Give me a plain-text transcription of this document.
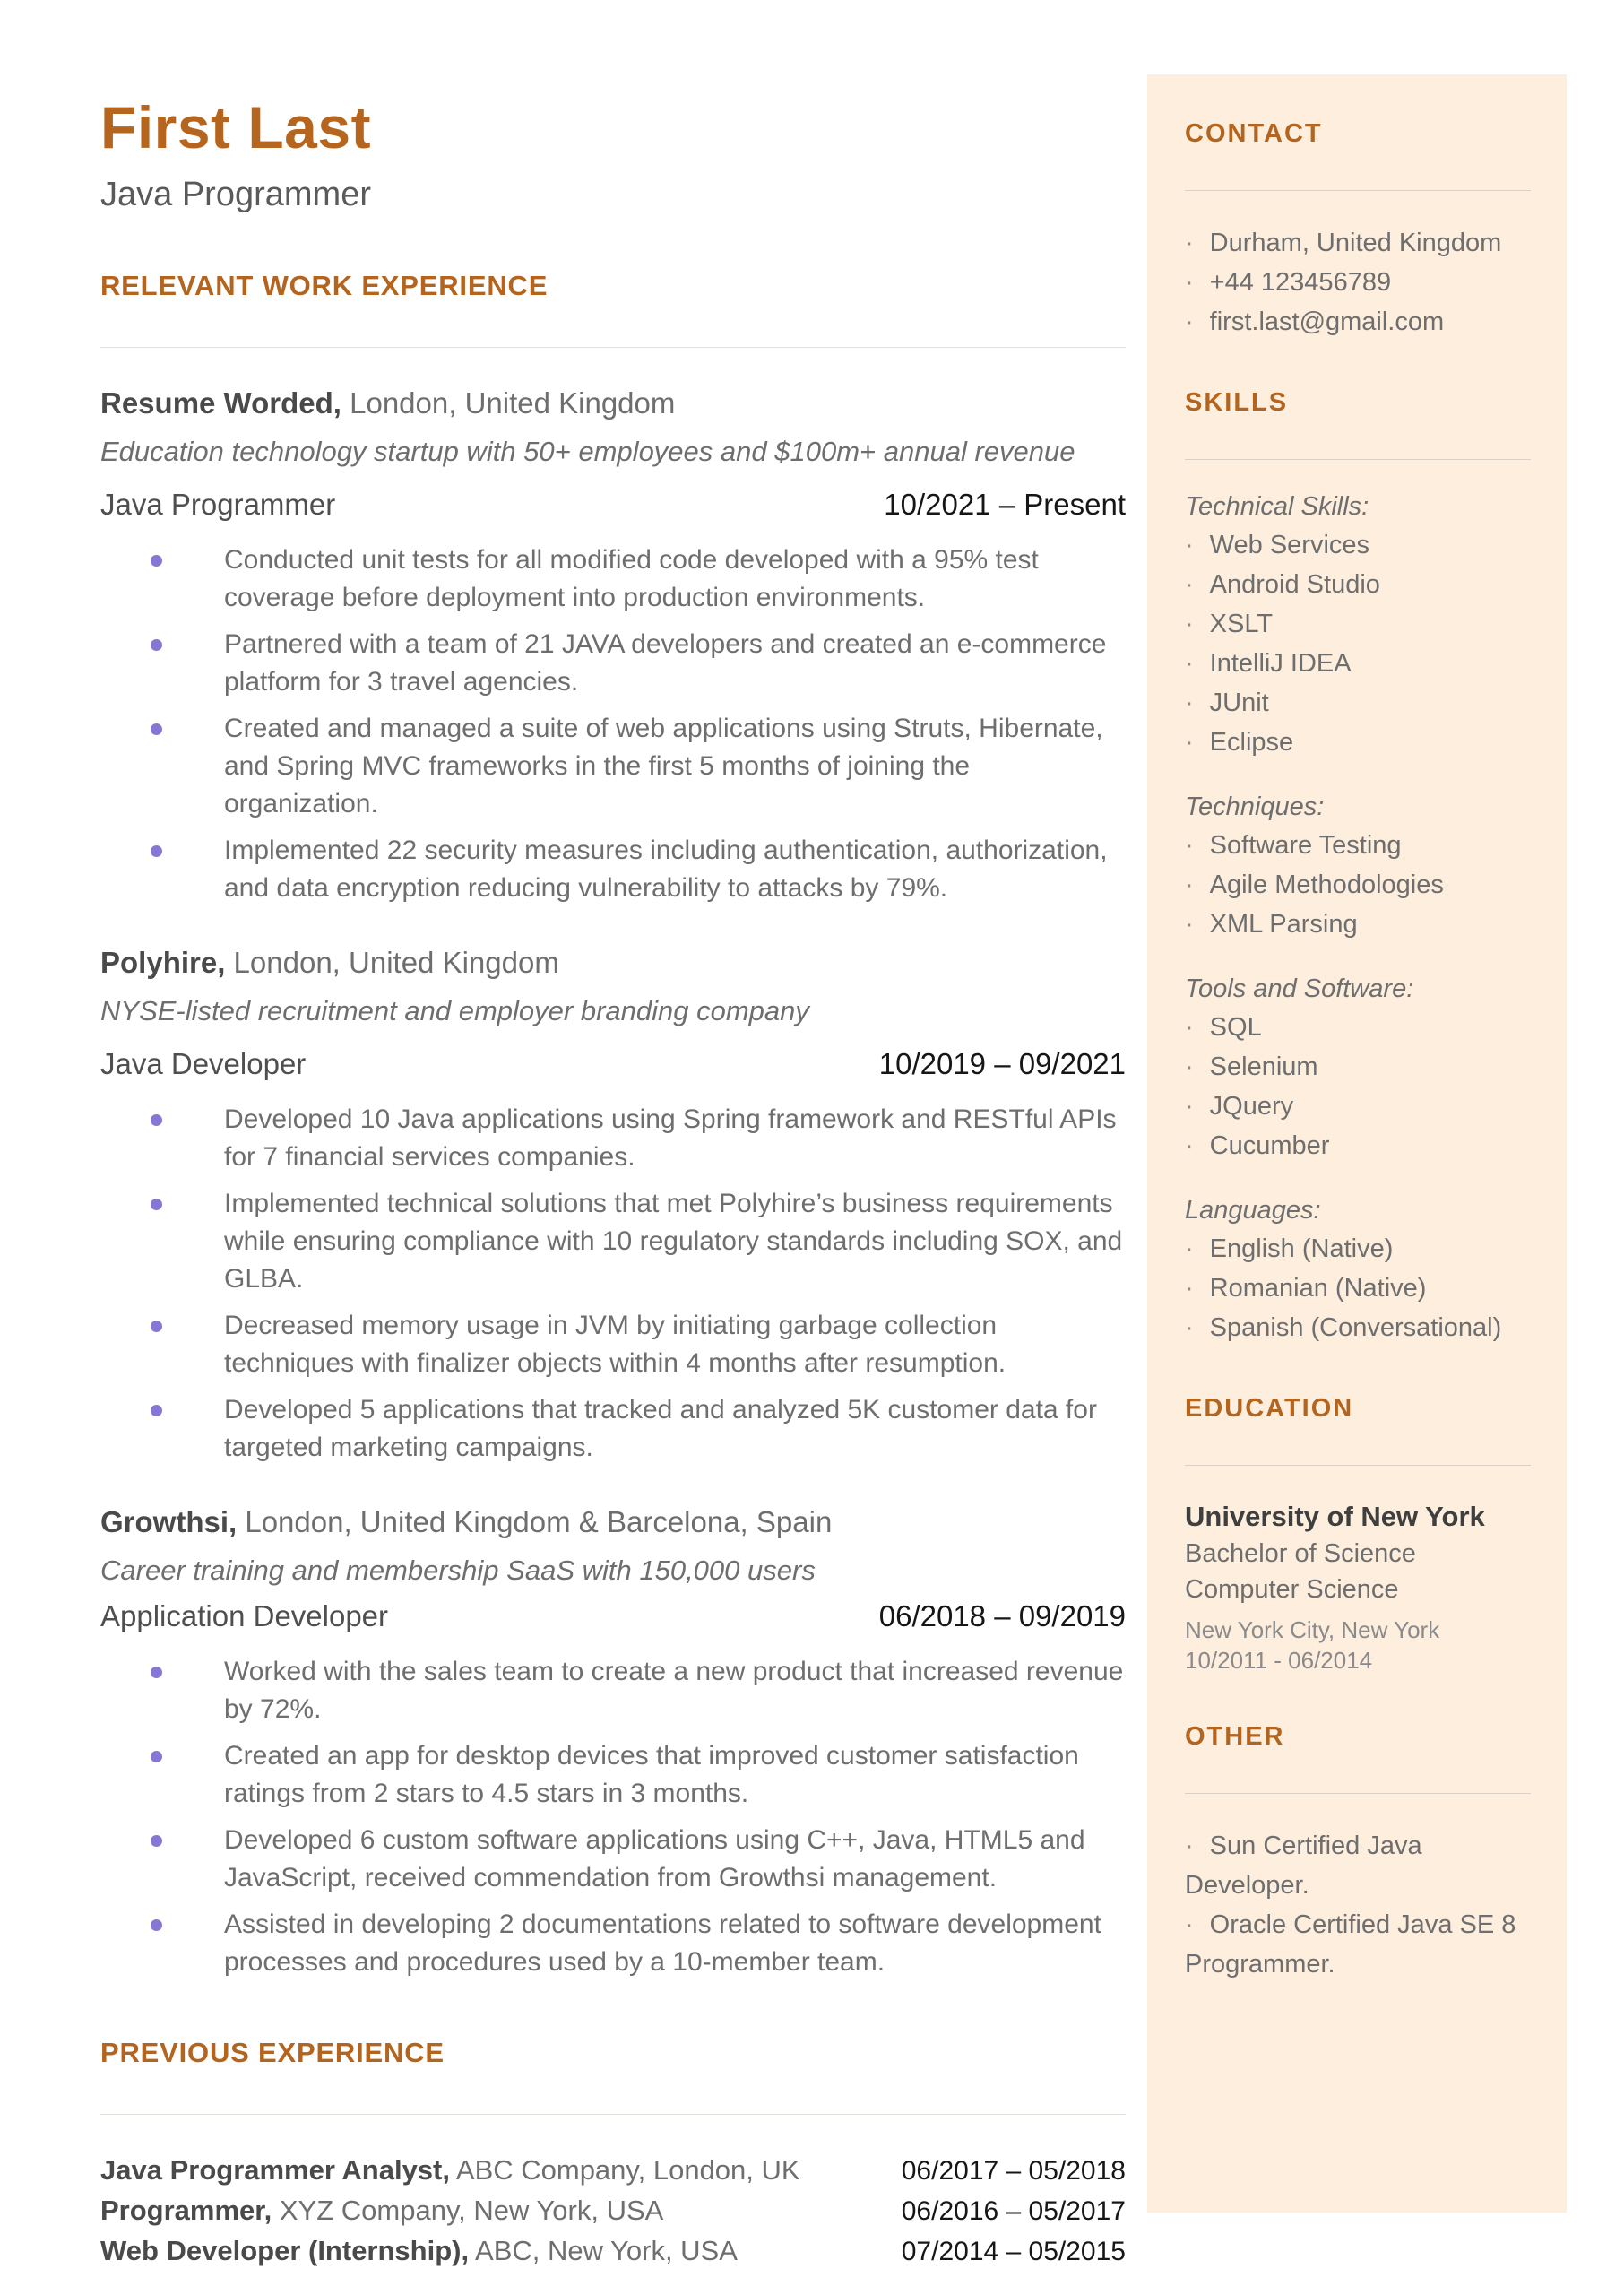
First Last
Java Programmer
RELEVANT WORK EXPERIENCE
Resume Worded, London, United Kingdom
Education technology startup with 50+ employees and $100m+ annual revenue
Java Programmer	10/2021 – Present
Conducted unit tests for all modified code developed with a 95% test coverage before deployment into production environments.
Partnered with a team of 21 JAVA developers and created an e-commerce platform for 3 travel agencies.
Created and managed a suite of web applications using Struts, Hibernate, and Spring MVC frameworks in the first 5 months of joining the organization.
Implemented 22 security measures including authentication, authorization, and data encryption reducing vulnerability to attacks by 79%.
Polyhire, London, United Kingdom
NYSE-listed recruitment and employer branding company
Java Developer	10/2019 – 09/2021
Developed 10 Java applications using Spring framework and RESTful APIs for 7 financial services companies.
Implemented technical solutions that met Polyhire’s business requirements while ensuring compliance with 10 regulatory standards including SOX, and GLBA.
Decreased memory usage in JVM by initiating garbage collection techniques with finalizer objects within 4 months after resumption.
Developed 5 applications that tracked and analyzed 5K customer data for targeted marketing campaigns.
Growthsi, London, United Kingdom & Barcelona, Spain
Career training and membership SaaS with 150,000 users
Application Developer	06/2018 – 09/2019
Worked with the sales team to create a new product that increased revenue by 72%.
Created an app for desktop devices that improved customer satisfaction ratings from 2 stars to 4.5 stars in 3 months.
Developed 6 custom software applications using C++, Java, HTML5 and JavaScript, received commendation from Growthsi management.
Assisted in developing 2 documentations related to software development processes and procedures used by a 10-member team.
PREVIOUS EXPERIENCE
Java Programmer Analyst, ABC Company, London, UK	06/2017 – 05/2018
Programmer, XYZ Company, New York, USA	06/2016 – 05/2017
Web Developer (Internship), ABC, New York, USA	07/2014 – 05/2015
CONTACT
· Durham, United Kingdom
· +44 123456789
· first.last@gmail.com
SKILLS
Technical Skills:
· Web Services
· Android Studio
· XSLT
· IntelliJ IDEA
· JUnit
· Eclipse
Techniques:
· Software Testing
· Agile Methodologies
· XML Parsing
Tools and Software:
· SQL
· Selenium
· JQuery
· Cucumber
Languages:
· English (Native)
· Romanian (Native)
· Spanish (Conversational)
EDUCATION
University of New York
Bachelor of Science
Computer Science
New York City, New York
10/2011 - 06/2014
OTHER
· Sun Certified Java Developer.
· Oracle Certified Java SE 8 Programmer.
